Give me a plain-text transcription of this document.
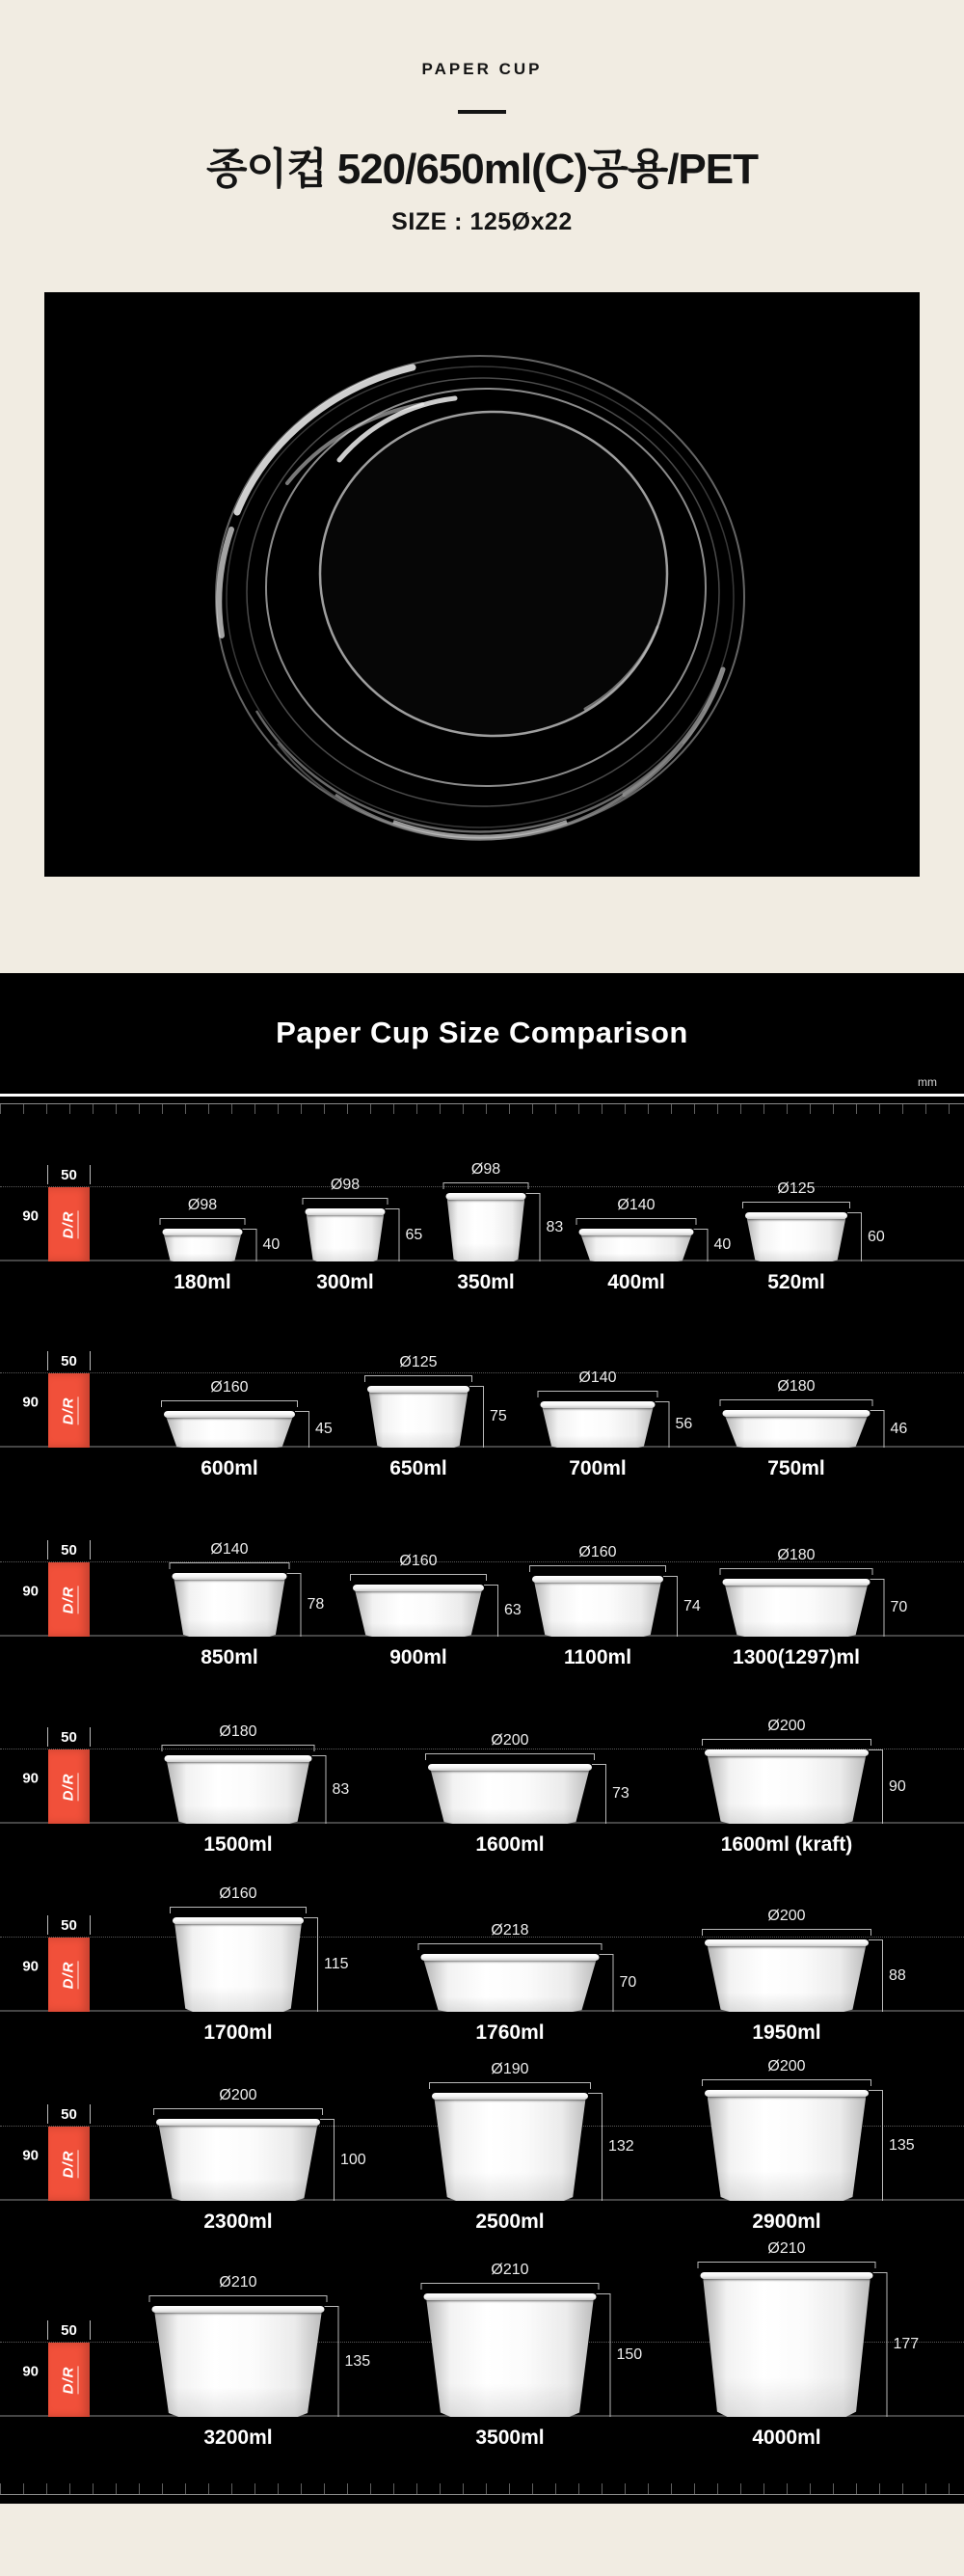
PAPER CUP
종이컵 520/650ml(C)공용/PET
SIZE : 125Øx22
Paper Cup Size Comparison
mm
50
90 D/R
Ø98
40
180ml
Ø98
65
300ml
Ø98
83
350ml
Ø140
40
400ml
Ø125
60
520ml
50
90 D/R
Ø160
45
600ml
Ø125
75
650ml
Ø140
56
700ml
Ø180
46
750ml
50
90 D/R
Ø140
78
850ml
Ø160
63
900ml
Ø160
74
1100ml
Ø180
70
1300(1297)ml
50
90 D/R
Ø180
83
1500ml
Ø200
73
1600ml
Ø200
90
1600ml (kraft)
50
90 D/R
Ø160
115
1700ml
Ø218
70
1760ml
Ø200
88
1950ml
50
90 D/R
Ø200
100
2300ml
Ø190
132
2500ml
Ø200
135
2900ml
50
90 D/R
Ø210
135
3200ml
Ø210
150
3500ml
Ø210
177
4000ml
